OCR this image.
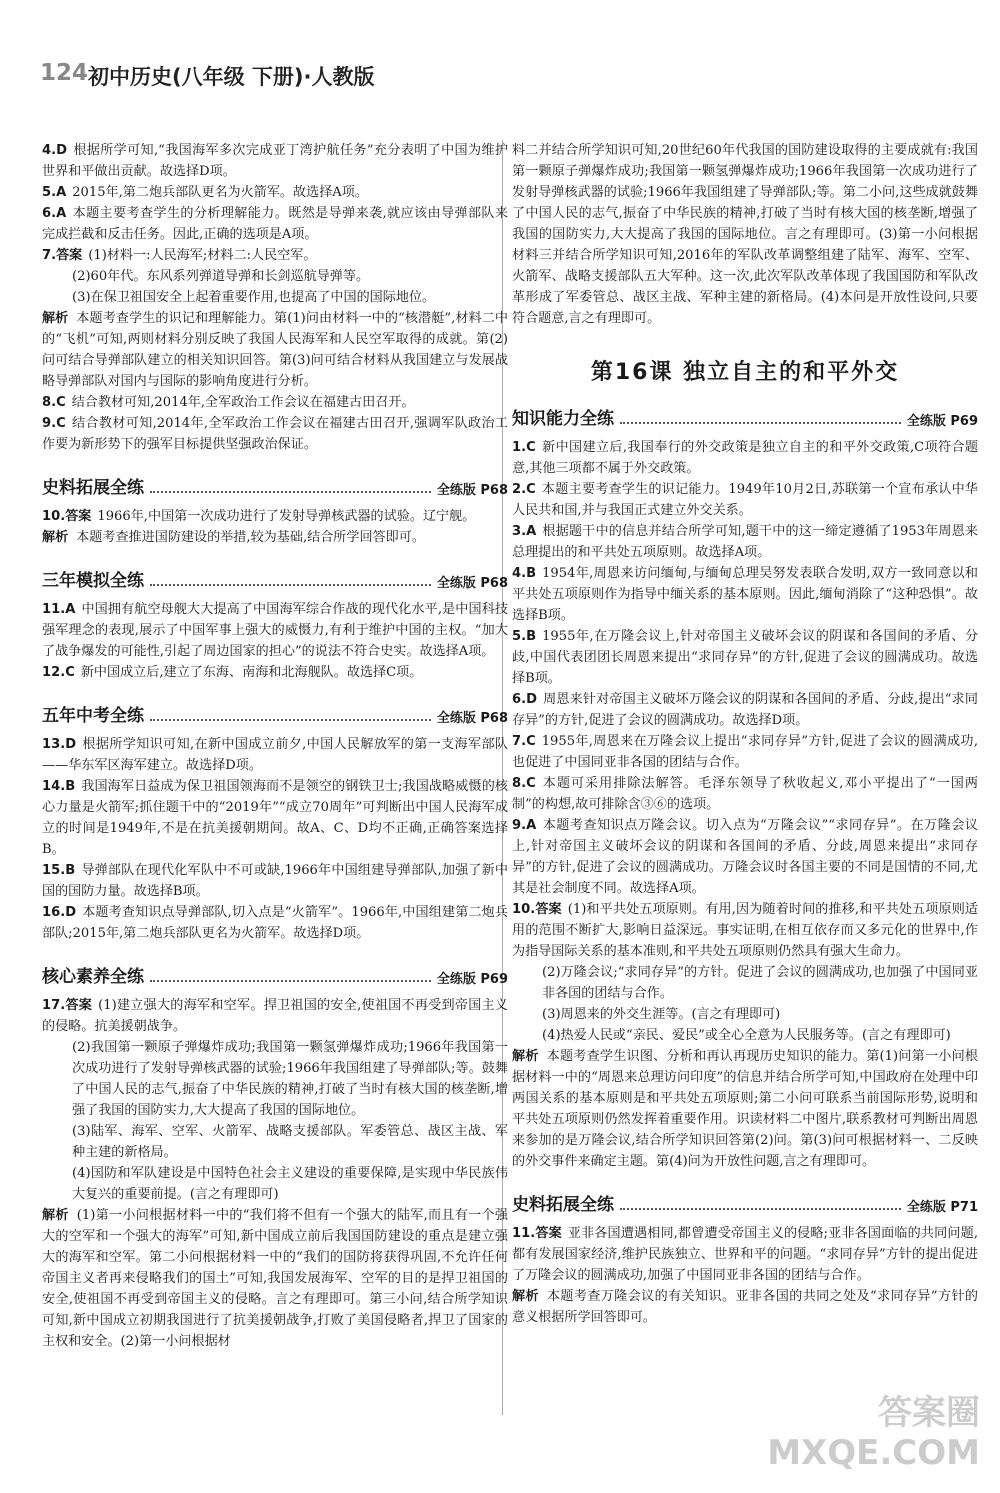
124 初中历史(八年级 下册)·人教版
4.D 根据所学可知,“我国海军多次完成亚丁湾护航任务”充分表明了中国为维护世界和平做出贡献。故选择D项。
5.A 2015年,第二炮兵部队更名为火箭军。故选择A项。
6.A 本题主要考查学生的分析理解能力。既然是导弹来袭,就应该由导弹部队来完成拦截和反击任务。因此,正确的选项是A项。
7.答案 (1)材料一:人民海军;材料二:人民空军。
(2)60年代。东风系列弹道导弹和长剑巡航导弹等。
(3)在保卫祖国安全上起着重要作用,也提高了中国的国际地位。
解析 本题考查学生的识记和理解能力。第(1)问由材料一中的“核潜艇”,材料二中的“飞机”可知,两则材料分别反映了我国人民海军和人民空军取得的成就。第(2)问可结合导弹部队建立的相关知识回答。第(3)问可结合材料从我国建立与发展战略导弹部队对国内与国际的影响角度进行分析。
8.C 结合教材可知,2014年,全军政治工作会议在福建古田召开。
9.C 结合教材可知,2014年,全军政治工作会议在福建古田召开,强调军队政治工作要为新形势下的强军目标提供坚强政治保证。
史料拓展全练	全练版 P68
10.答案 1966年,中国第一次成功进行了发射导弹核武器的试验。辽宁舰。
解析 本题考查推进国防建设的举措,较为基础,结合所学回答即可。
三年模拟全练	全练版 P68
11.A 中国拥有航空母舰大大提高了中国海军综合作战的现代化水平,是中国科技强军理念的表现,展示了中国军事上强大的威慑力,有利于维护中国的主权。“加大了战争爆发的可能性,引起了周边国家的担心”的说法不符合史实。故选择A项。
12.C 新中国成立后,建立了东海、南海和北海舰队。故选择C项。
五年中考全练	全练版 P68
13.D 根据所学知识可知,在新中国成立前夕,中国人民解放军的第一支海军部队——华东军区海军建立。故选择D项。
14.B 我国海军日益成为保卫祖国领海而不是领空的钢铁卫士;我国战略威慑的核心力量是火箭军;抓住题干中的“2019年”“成立70周年”可判断出中国人民海军成立的时间是1949年,不是在抗美援朝期间。故A、C、D均不正确,正确答案选择B。
15.B 导弹部队在现代化军队中不可或缺,1966年中国组建导弹部队,加强了新中国的国防力量。故选择B项。
16.D 本题考查知识点导弹部队,切入点是“火箭军”。1966年,中国组建第二炮兵部队;2015年,第二炮兵部队更名为火箭军。故选择D项。
核心素养全练	全练版 P69
17.答案 (1)建立强大的海军和空军。捍卫祖国的安全,使祖国不再受到帝国主义的侵略。抗美援朝战争。
(2)我国第一颗原子弹爆炸成功;我国第一颗氢弹爆炸成功;1966年我国第一次成功进行了发射导弹核武器的试验;1966年我国组建了导弹部队;等。鼓舞了中国人民的志气,振奋了中华民族的精神,打破了当时有核大国的核垄断,增强了我国的国防实力,大大提高了我国的国际地位。
(3)陆军、海军、空军、火箭军、战略支援部队。军委管总、战区主战、军种主建的新格局。
(4)国防和军队建设是中国特色社会主义建设的重要保障,是实现中华民族伟大复兴的重要前提。(言之有理即可)
解析 (1)第一小问根据材料一中的“我们将不但有一个强大的陆军,而且有一个强大的空军和一个强大的海军”可知,新中国成立前后我国国防建设的重点是建立强大的海军和空军。第二小问根据材料一中的“我们的国防将获得巩固,不允许任何帝国主义者再来侵略我们的国土”可知,我国发展海军、空军的目的是捍卫祖国的安全,使祖国不再受到帝国主义的侵略。言之有理即可。第三小问,结合所学知识可知,新中国成立初期我国进行了抗美援朝战争,打败了美国侵略者,捍卫了国家的主权和安全。(2)第一小问根据材
料二并结合所学知识可知,20世纪60年代我国的国防建设取得的主要成就有:我国第一颗原子弹爆炸成功;我国第一颗氢弹爆炸成功;1966年我国第一次成功进行了发射导弹核武器的试验;1966年我国组建了导弹部队;等。第二小问,这些成就鼓舞了中国人民的志气,振奋了中华民族的精神,打破了当时有核大国的核垄断,增强了我国的国防实力,大大提高了我国的国际地位。言之有理即可。(3)第一小问根据材料三并结合所学知识可知,2016年的军队改革调整组建了陆军、海军、空军、火箭军、战略支援部队五大军种。这一次,此次军队改革体现了我国国防和军队改革形成了军委管总、战区主战、军种主建的新格局。(4)本问是开放性设问,只要符合题意,言之有理即可。
第16课 独立自主的和平外交
知识能力全练	全练版 P69
1.C 新中国建立后,我国奉行的外交政策是独立自主的和平外交政策,C项符合题意,其他三项都不属于外交政策。
2.C 本题主要考查学生的识记能力。1949年10月2日,苏联第一个宣布承认中华人民共和国,并与我国正式建立外交关系。
3.A 根据题干中的信息并结合所学可知,题干中的这一缔定遵循了1953年周恩来总理提出的和平共处五项原则。故选择A项。
4.B 1954年,周恩来访问缅甸,与缅甸总理吴努发表联合发明,双方一致同意以和平共处五项原则作为指导中缅关系的基本原则。因此,缅甸消除了“这种恐惧”。故选择B项。
5.B 1955年,在万隆会议上,针对帝国主义破坏会议的阴谋和各国间的矛盾、分歧,中国代表团团长周恩来提出“求同存异”的方针,促进了会议的圆满成功。故选择B项。
6.D 周恩来针对帝国主义破坏万隆会议的阴谋和各国间的矛盾、分歧,提出“求同存异”的方针,促进了会议的圆满成功。故选择D项。
7.C 1955年,周恩来在万隆会议上提出“求同存异”方针,促进了会议的圆满成功,也促进了中国同亚非各国的团结与合作。
8.C 本题可采用排除法解答。毛泽东领导了秋收起义,邓小平提出了“一国两制”的构想,故可排除含③⑥的选项。
9.A 本题考查知识点万隆会议。切入点为“万隆会议”“求同存异”。在万隆会议上,针对帝国主义破坏会议的阴谋和各国间的矛盾、分歧,周恩来提出“求同存异”的方针,促进了会议的圆满成功。万隆会议时各国主要的不同是国情的不同,尤其是社会制度不同。故选择A项。
10.答案 (1)和平共处五项原则。有用,因为随着时间的推移,和平共处五项原则适用的范围不断扩大,影响日益深远。事实证明,在相互依存而又多元化的世界中,作为指导国际关系的基本准则,和平共处五项原则仍然具有强大生命力。
(2)万隆会议;“求同存异”的方针。促进了会议的圆满成功,也加强了中国同亚非各国的团结与合作。
(3)周恩来的外交生涯等。(言之有理即可)
(4)热爱人民或“亲民、爱民”或全心全意为人民服务等。(言之有理即可)
解析 本题考查学生识图、分析和再认再现历史知识的能力。第(1)问第一小问根据材料一中的“周恩来总理访问印度”的信息并结合所学可知,中国政府在处理中印两国关系的基本原则是和平共处五项原则;第二小问可联系当前国际形势,说明和平共处五项原则仍然发挥着重要作用。识读材料二中图片,联系教材可判断出周恩来参加的是万隆会议,结合所学知识回答第(2)问。第(3)问可根据材料一、二反映的外交事件来确定主题。第(4)问为开放性问题,言之有理即可。
史料拓展全练	全练版 P71
11.答案 亚非各国遭遇相同,都曾遭受帝国主义的侵略;亚非各国面临的共同问题,都有发展国家经济,维护民族独立、世界和平的问题。“求同存异”方针的提出促进了万隆会议的圆满成功,加强了中国同亚非各国的团结与合作。
解析 本题考查万隆会议的有关知识。亚非各国的共同之处及“求同存异”方针的意义根据所学回答即可。
答案圈
MXQE.COM
